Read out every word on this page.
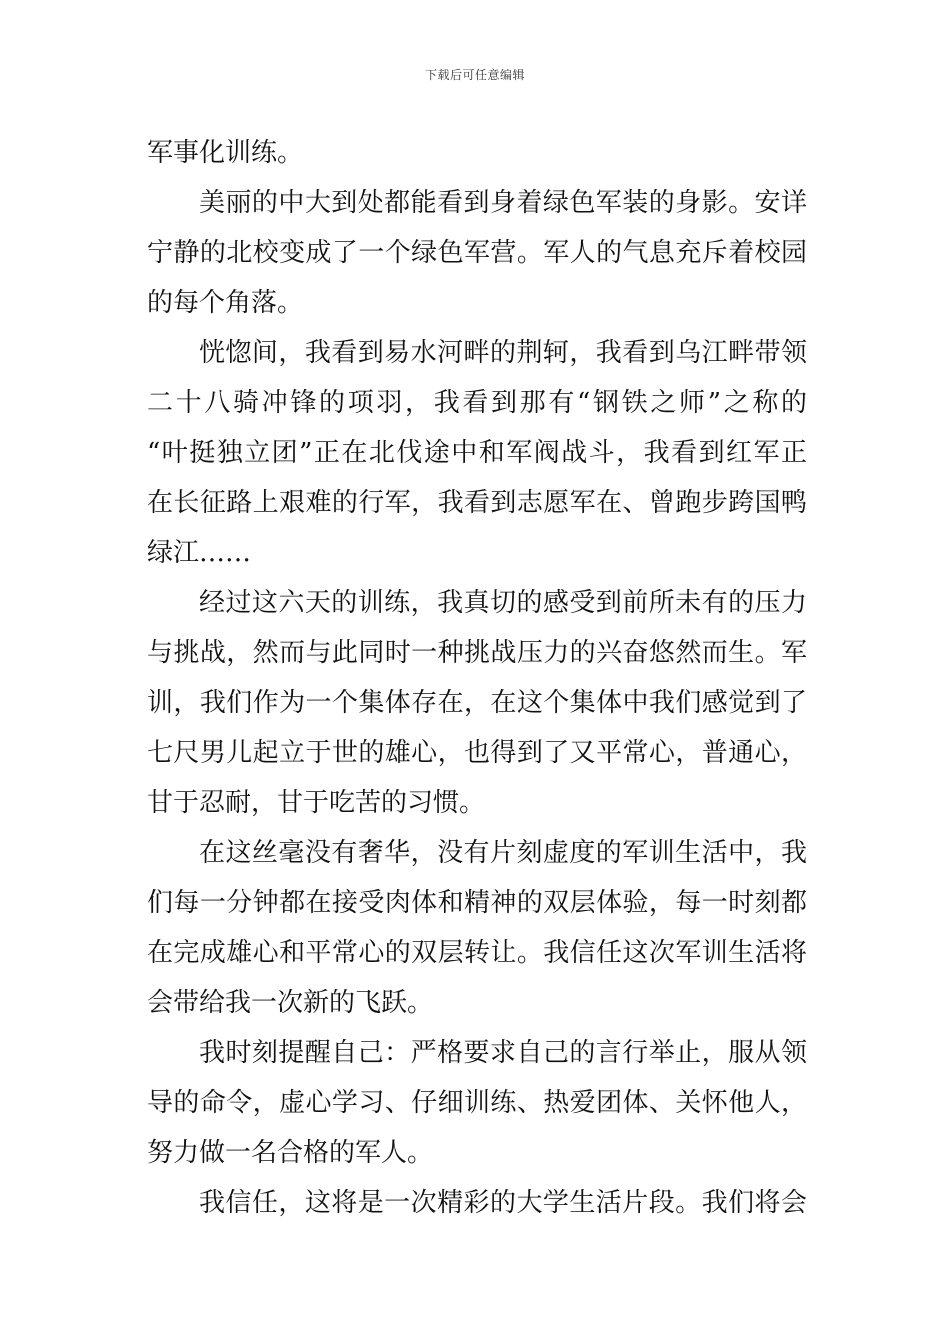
下载后可任意编辑
军事化训练。
美丽的中大到处都能看到身着绿色军装的身影。安详
宁静的北校变成了一个绿色军营。军人的气息充斥着校园
的每个角落。
恍惚间，我看到易水河畔的荆轲，我看到乌江畔带领
二十八骑冲锋的项羽，我看到那有“钢铁之师”之称的
“叶挺独立团”正在北伐途中和军阀战斗，我看到红军正
在长征路上艰难的行军，我看到志愿军在、曾跑步跨国鸭
绿江……
经过这六天的训练，我真切的感受到前所未有的压力
与挑战，然而与此同时一种挑战压力的兴奋悠然而生。军
训，我们作为一个集体存在，在这个集体中我们感觉到了
七尺男儿起立于世的雄心，也得到了又平常心，普通心，
甘于忍耐，甘于吃苦的习惯。
在这丝毫没有奢华，没有片刻虚度的军训生活中，我
们每一分钟都在接受肉体和精神的双层体验，每一时刻都
在完成雄心和平常心的双层转让。我信任这次军训生活将
会带给我一次新的飞跃。
我时刻提醒自己：严格要求自己的言行举止，服从领
导的命令，虚心学习、仔细训练、热爱团体、关怀他人，
努力做一名合格的军人。
我信任，这将是一次精彩的大学生活片段。我们将会
